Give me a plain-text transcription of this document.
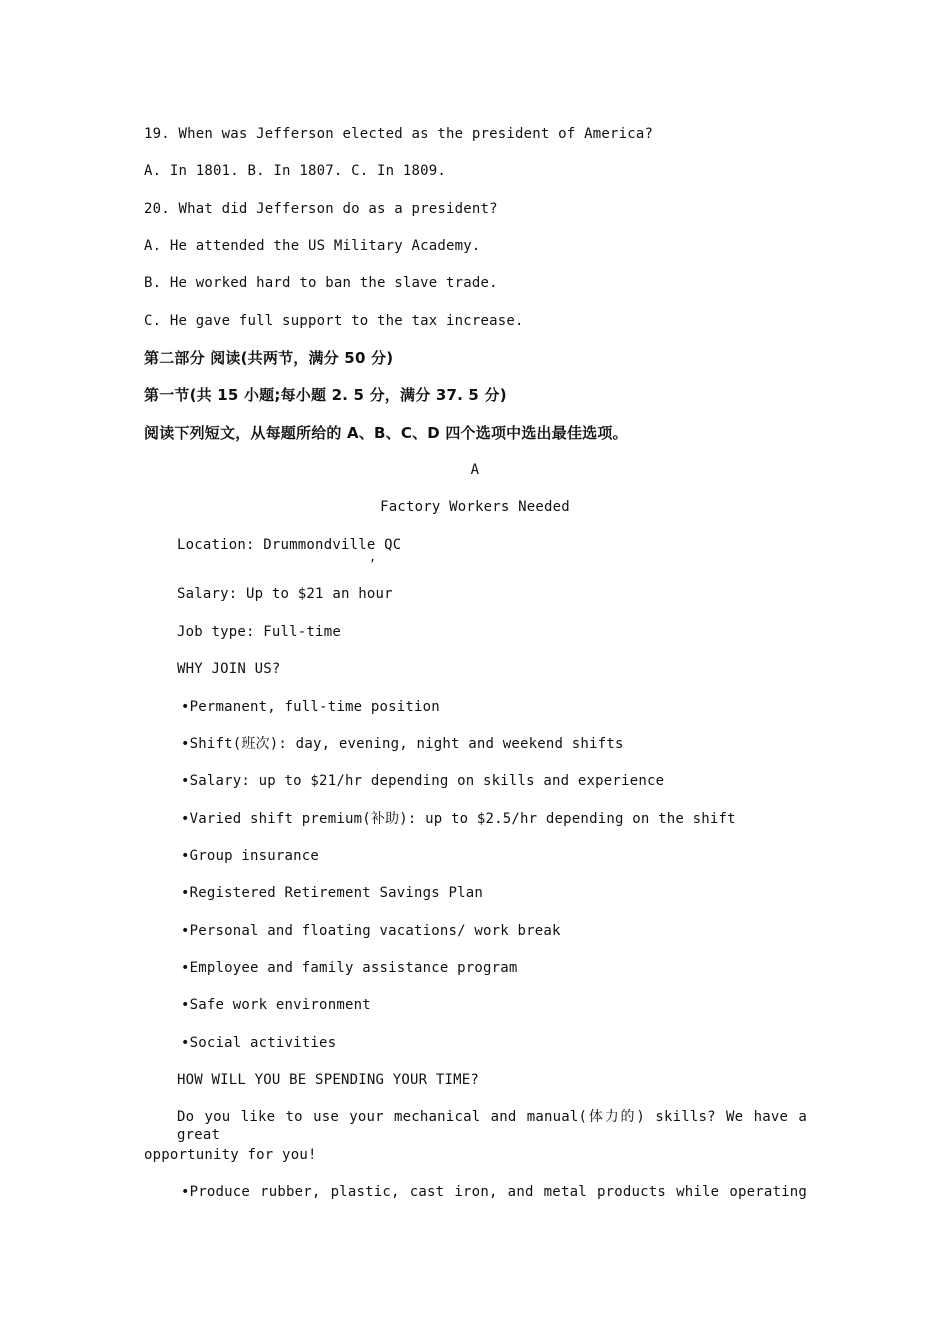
19. When was Jefferson elected as the president of America?
A. In 1801. B. In 1807. C. In 1809.
20. What did Jefferson do as a president?
A. He attended the US Military Academy.
B. He worked hard to ban the slave trade.
C. He gave full support to the tax increase.
第二部分 阅读(共两节，满分 50 分)
第一节(共 15 小题;每小题 2. 5 分，满分 37. 5 分)
阅读下列短文，从每题所给的 A、B、C、D 四个选项中选出最佳选项。
A
Factory Workers Needed
Location: Drummondville QC
,
Salary: Up to $21 an hour
Job type: Full-time
WHY JOIN US?
•Permanent, full-time position
•Shift(班次): day, evening, night and weekend shifts
•Salary: up to $21/hr depending on skills and experience
•Varied shift premium(补助): up to $2.5/hr depending on the shift
•Group insurance
•Registered Retirement Savings Plan
•Personal and floating vacations/ work break
•Employee and family assistance program
•Safe work environment
•Social activities
HOW WILL YOU BE SPENDING YOUR TIME?
Do you like to use your mechanical and manual(体力的) skills? We have a great
opportunity for you!
•Produce rubber, plastic, cast iron, and metal products while operating
